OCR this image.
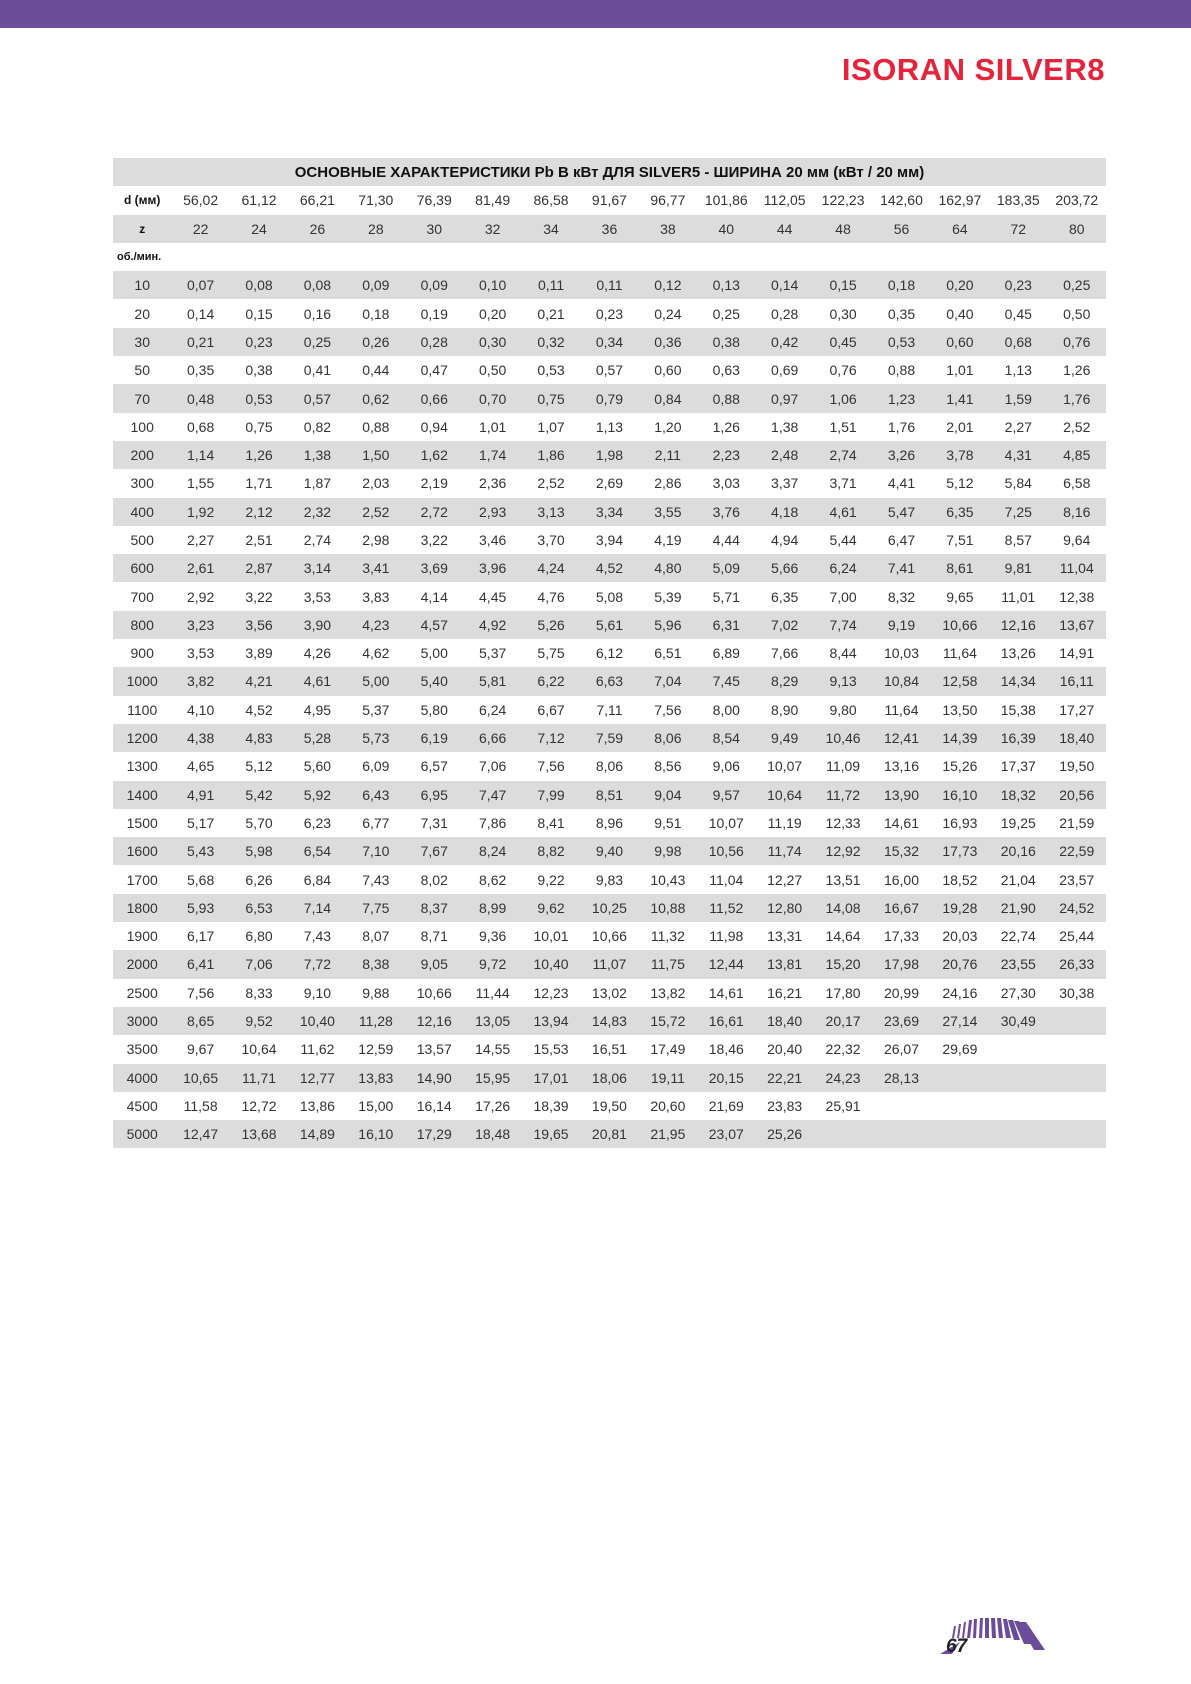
ISORAN SILVER8
ОСНОВНЫЕ ХАРАКТЕРИСТИКИ Pb В кВт ДЛЯ SILVER5 - ШИРИНА 20 мм (кВт / 20 мм)																
d (мм)	56,02	61,12	66,21	71,30	76,39	81,49	86,58	91,67	96,77	101,86	112,05	122,23	142,60	162,97	183,35	203,72
z	22	24	26	28	30	32	34	36	38	40	44	48	56	64	72	80
об./мин.																
10	0,07	0,08	0,08	0,09	0,09	0,10	0,11	0,11	0,12	0,13	0,14	0,15	0,18	0,20	0,23	0,25
20	0,14	0,15	0,16	0,18	0,19	0,20	0,21	0,23	0,24	0,25	0,28	0,30	0,35	0,40	0,45	0,50
30	0,21	0,23	0,25	0,26	0,28	0,30	0,32	0,34	0,36	0,38	0,42	0,45	0,53	0,60	0,68	0,76
50	0,35	0,38	0,41	0,44	0,47	0,50	0,53	0,57	0,60	0,63	0,69	0,76	0,88	1,01	1,13	1,26
70	0,48	0,53	0,57	0,62	0,66	0,70	0,75	0,79	0,84	0,88	0,97	1,06	1,23	1,41	1,59	1,76
100	0,68	0,75	0,82	0,88	0,94	1,01	1,07	1,13	1,20	1,26	1,38	1,51	1,76	2,01	2,27	2,52
200	1,14	1,26	1,38	1,50	1,62	1,74	1,86	1,98	2,11	2,23	2,48	2,74	3,26	3,78	4,31	4,85
300	1,55	1,71	1,87	2,03	2,19	2,36	2,52	2,69	2,86	3,03	3,37	3,71	4,41	5,12	5,84	6,58
400	1,92	2,12	2,32	2,52	2,72	2,93	3,13	3,34	3,55	3,76	4,18	4,61	5,47	6,35	7,25	8,16
500	2,27	2,51	2,74	2,98	3,22	3,46	3,70	3,94	4,19	4,44	4,94	5,44	6,47	7,51	8,57	9,64
600	2,61	2,87	3,14	3,41	3,69	3,96	4,24	4,52	4,80	5,09	5,66	6,24	7,41	8,61	9,81	11,04
700	2,92	3,22	3,53	3,83	4,14	4,45	4,76	5,08	5,39	5,71	6,35	7,00	8,32	9,65	11,01	12,38
800	3,23	3,56	3,90	4,23	4,57	4,92	5,26	5,61	5,96	6,31	7,02	7,74	9,19	10,66	12,16	13,67
900	3,53	3,89	4,26	4,62	5,00	5,37	5,75	6,12	6,51	6,89	7,66	8,44	10,03	11,64	13,26	14,91
1000	3,82	4,21	4,61	5,00	5,40	5,81	6,22	6,63	7,04	7,45	8,29	9,13	10,84	12,58	14,34	16,11
1100	4,10	4,52	4,95	5,37	5,80	6,24	6,67	7,11	7,56	8,00	8,90	9,80	11,64	13,50	15,38	17,27
1200	4,38	4,83	5,28	5,73	6,19	6,66	7,12	7,59	8,06	8,54	9,49	10,46	12,41	14,39	16,39	18,40
1300	4,65	5,12	5,60	6,09	6,57	7,06	7,56	8,06	8,56	9,06	10,07	11,09	13,16	15,26	17,37	19,50
1400	4,91	5,42	5,92	6,43	6,95	7,47	7,99	8,51	9,04	9,57	10,64	11,72	13,90	16,10	18,32	20,56
1500	5,17	5,70	6,23	6,77	7,31	7,86	8,41	8,96	9,51	10,07	11,19	12,33	14,61	16,93	19,25	21,59
1600	5,43	5,98	6,54	7,10	7,67	8,24	8,82	9,40	9,98	10,56	11,74	12,92	15,32	17,73	20,16	22,59
1700	5,68	6,26	6,84	7,43	8,02	8,62	9,22	9,83	10,43	11,04	12,27	13,51	16,00	18,52	21,04	23,57
1800	5,93	6,53	7,14	7,75	8,37	8,99	9,62	10,25	10,88	11,52	12,80	14,08	16,67	19,28	21,90	24,52
1900	6,17	6,80	7,43	8,07	8,71	9,36	10,01	10,66	11,32	11,98	13,31	14,64	17,33	20,03	22,74	25,44
2000	6,41	7,06	7,72	8,38	9,05	9,72	10,40	11,07	11,75	12,44	13,81	15,20	17,98	20,76	23,55	26,33
2500	7,56	8,33	9,10	9,88	10,66	11,44	12,23	13,02	13,82	14,61	16,21	17,80	20,99	24,16	27,30	30,38
3000	8,65	9,52	10,40	11,28	12,16	13,05	13,94	14,83	15,72	16,61	18,40	20,17	23,69	27,14	30,49	
3500	9,67	10,64	11,62	12,59	13,57	14,55	15,53	16,51	17,49	18,46	20,40	22,32	26,07	29,69		
4000	10,65	11,71	12,77	13,83	14,90	15,95	17,01	18,06	19,11	20,15	22,21	24,23	28,13			
4500	11,58	12,72	13,86	15,00	16,14	17,26	18,39	19,50	20,60	21,69	23,83	25,91				
5000	12,47	13,68	14,89	16,10	17,29	18,48	19,65	20,81	21,95	23,07	25,26					
67
